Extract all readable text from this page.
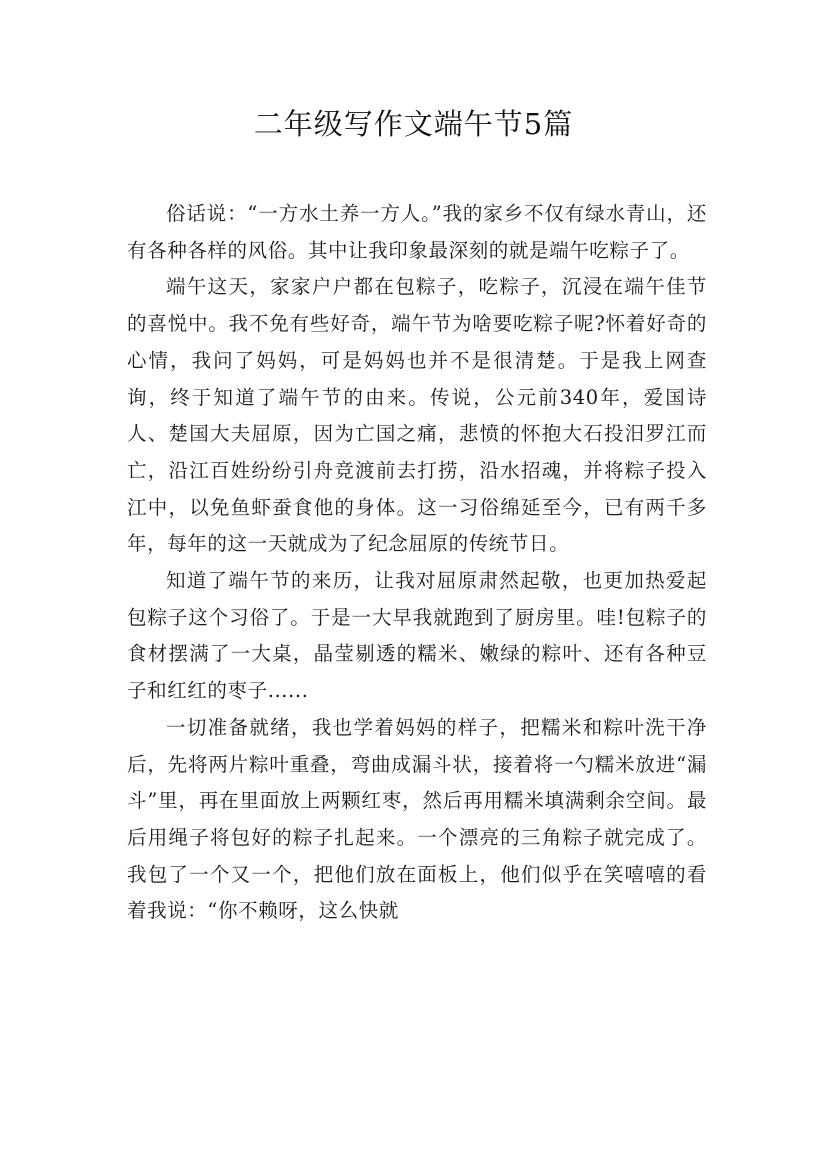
二年级写作文端午节5篇

俗话说：“一方水土养一方人。”我的家乡不仅有绿水青山，还有各种各样的风俗。其中让我印象最深刻的就是端午吃粽子了。

端午这天，家家户户都在包粽子，吃粽子，沉浸在端午佳节的喜悦中。我不免有些好奇，端午节为啥要吃粽子呢?怀着好奇的心情，我问了妈妈，可是妈妈也并不是很清楚。于是我上网查询，终于知道了端午节的由来。传说，公元前340年，爱国诗人、楚国大夫屈原，因为亡国之痛，悲愤的怀抱大石投汨罗江而亡，沿江百姓纷纷引舟竞渡前去打捞，沿水招魂，并将粽子投入江中，以免鱼虾蚕食他的身体。这一习俗绵延至今，已有两千多年，每年的这一天就成为了纪念屈原的传统节日。

知道了端午节的来历，让我对屈原肃然起敬，也更加热爱起包粽子这个习俗了。于是一大早我就跑到了厨房里。哇!包粽子的食材摆满了一大桌，晶莹剔透的糯米、嫩绿的粽叶、还有各种豆子和红红的枣子......

一切准备就绪，我也学着妈妈的样子，把糯米和粽叶洗干净后，先将两片粽叶重叠，弯曲成漏斗状，接着将一勺糯米放进“漏斗”里，再在里面放上两颗红枣，然后再用糯米填满剩余空间。最后用绳子将包好的粽子扎起来。一个漂亮的三角粽子就完成了。我包了一个又一个，把他们放在面板上，他们似乎在笑嘻嘻的看着我说：“你不赖呀，这么快就
